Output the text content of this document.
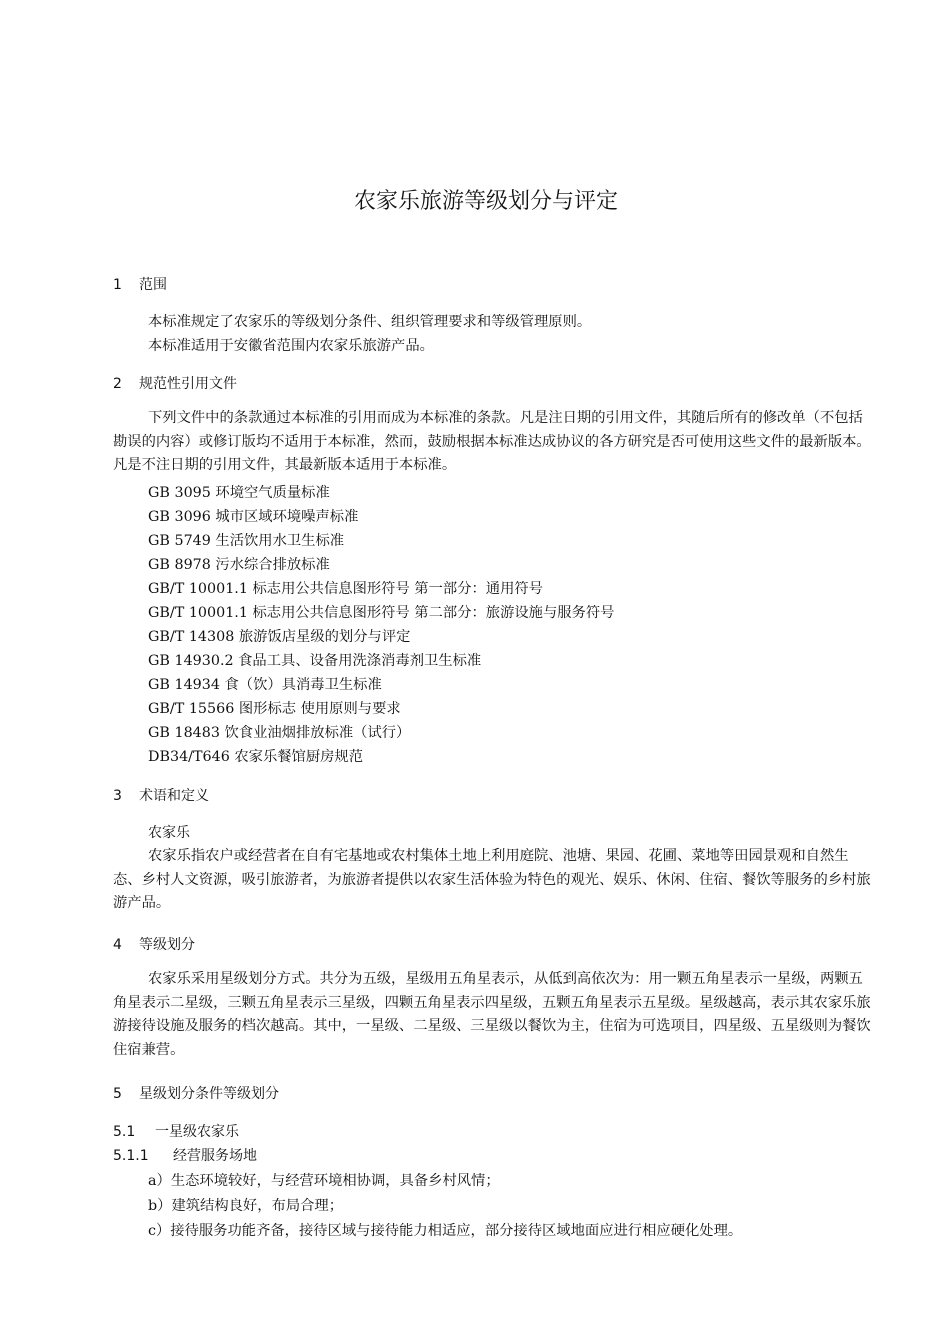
农家乐旅游等级划分与评定
1 范围
本标准规定了农家乐的等级划分条件、组织管理要求和等级管理原则。
本标准适用于安徽省范围内农家乐旅游产品。
2 规范性引用文件
下列文件中的条款通过本标准的引用而成为本标准的条款。凡是注日期的引用文件，其随后所有的修改单（不包括勘误的内容）或修订版均不适用于本标准，然而，鼓励根据本标准达成协议的各方研究是否可使用这些文件的最新版本。凡是不注日期的引用文件，其最新版本适用于本标准。
GB 3095 环境空气质量标准
GB 3096 城市区域环境噪声标准
GB 5749 生活饮用水卫生标准
GB 8978 污水综合排放标准
GB/T 10001.1 标志用公共信息图形符号 第一部分：通用符号
GB/T 10001.1 标志用公共信息图形符号 第二部分：旅游设施与服务符号
GB/T 14308 旅游饭店星级的划分与评定
GB 14930.2 食品工具、设备用洗涤消毒剂卫生标准
GB 14934 食（饮）具消毒卫生标准
GB/T 15566 图形标志 使用原则与要求
GB 18483 饮食业油烟排放标准（试行）
DB34/T646 农家乐餐馆厨房规范
3 术语和定义
农家乐
农家乐指农户或经营者在自有宅基地或农村集体土地上利用庭院、池塘、果园、花圃、菜地等田园景观和自然生态、乡村人文资源，吸引旅游者，为旅游者提供以农家生活体验为特色的观光、娱乐、休闲、住宿、餐饮等服务的乡村旅游产品。
4 等级划分
农家乐采用星级划分方式。共分为五级，星级用五角星表示，从低到高依次为：用一颗五角星表示一星级，两颗五角星表示二星级，三颗五角星表示三星级，四颗五角星表示四星级，五颗五角星表示五星级。星级越高，表示其农家乐旅游接待设施及服务的档次越高。其中，一星级、二星级、三星级以餐饮为主，住宿为可选项目，四星级、五星级则为餐饮住宿兼营。
5 星级划分条件等级划分
5.1 一星级农家乐
5.1.1 经营服务场地
a）生态环境较好，与经营环境相协调，具备乡村风情；
b）建筑结构良好，布局合理；
c）接待服务功能齐备，接待区域与接待能力相适应，部分接待区域地面应进行相应硬化处理。
